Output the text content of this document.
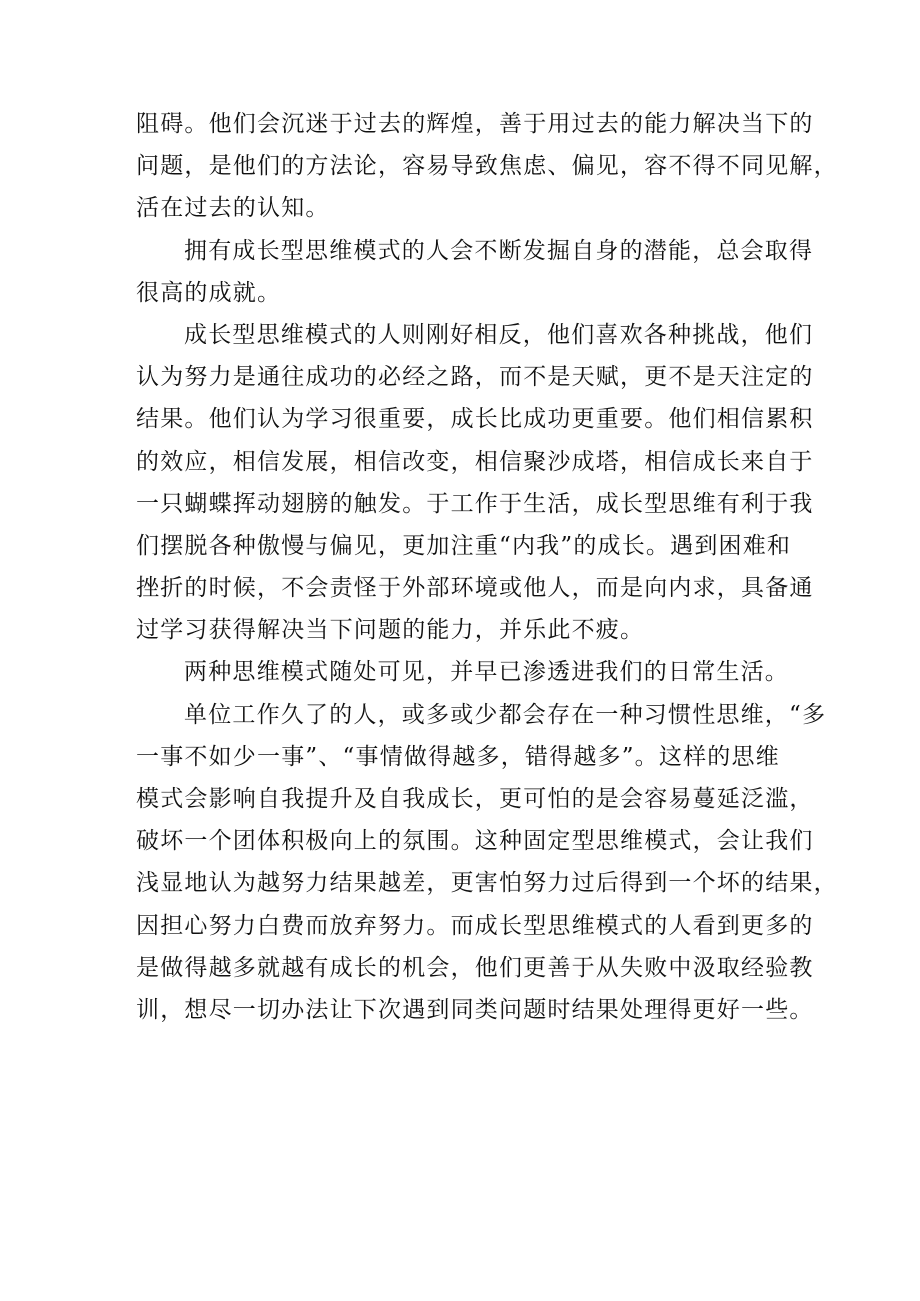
阻碍。他们会沉迷于过去的辉煌，善于用过去的能力解决当下的
问题，是他们的方法论，容易导致焦虑、偏见，容不得不同见解，
活在过去的认知。
拥有成长型思维模式的人会不断发掘自身的潜能，总会取得
很高的成就。
成长型思维模式的人则刚好相反，他们喜欢各种挑战，他们
认为努力是通往成功的必经之路，而不是天赋，更不是天注定的
结果。他们认为学习很重要，成长比成功更重要。他们相信累积
的效应，相信发展，相信改变，相信聚沙成塔，相信成长来自于
一只蝴蝶挥动翅膀的触发。于工作于生活，成长型思维有利于我
们摆脱各种傲慢与偏见，更加注重“内我”的成长。遇到困难和
挫折的时候，不会责怪于外部环境或他人，而是向内求，具备通
过学习获得解决当下问题的能力，并乐此不疲。
两种思维模式随处可见，并早已渗透进我们的日常生活。
单位工作久了的人，或多或少都会存在一种习惯性思维，“多
一事不如少一事”、“事情做得越多，错得越多”。这样的思维
模式会影响自我提升及自我成长，更可怕的是会容易蔓延泛滥，
破坏一个团体积极向上的氛围。这种固定型思维模式，会让我们
浅显地认为越努力结果越差，更害怕努力过后得到一个坏的结果，
因担心努力白费而放弃努力。而成长型思维模式的人看到更多的
是做得越多就越有成长的机会，他们更善于从失败中汲取经验教
训，想尽一切办法让下次遇到同类问题时结果处理得更好一些。
